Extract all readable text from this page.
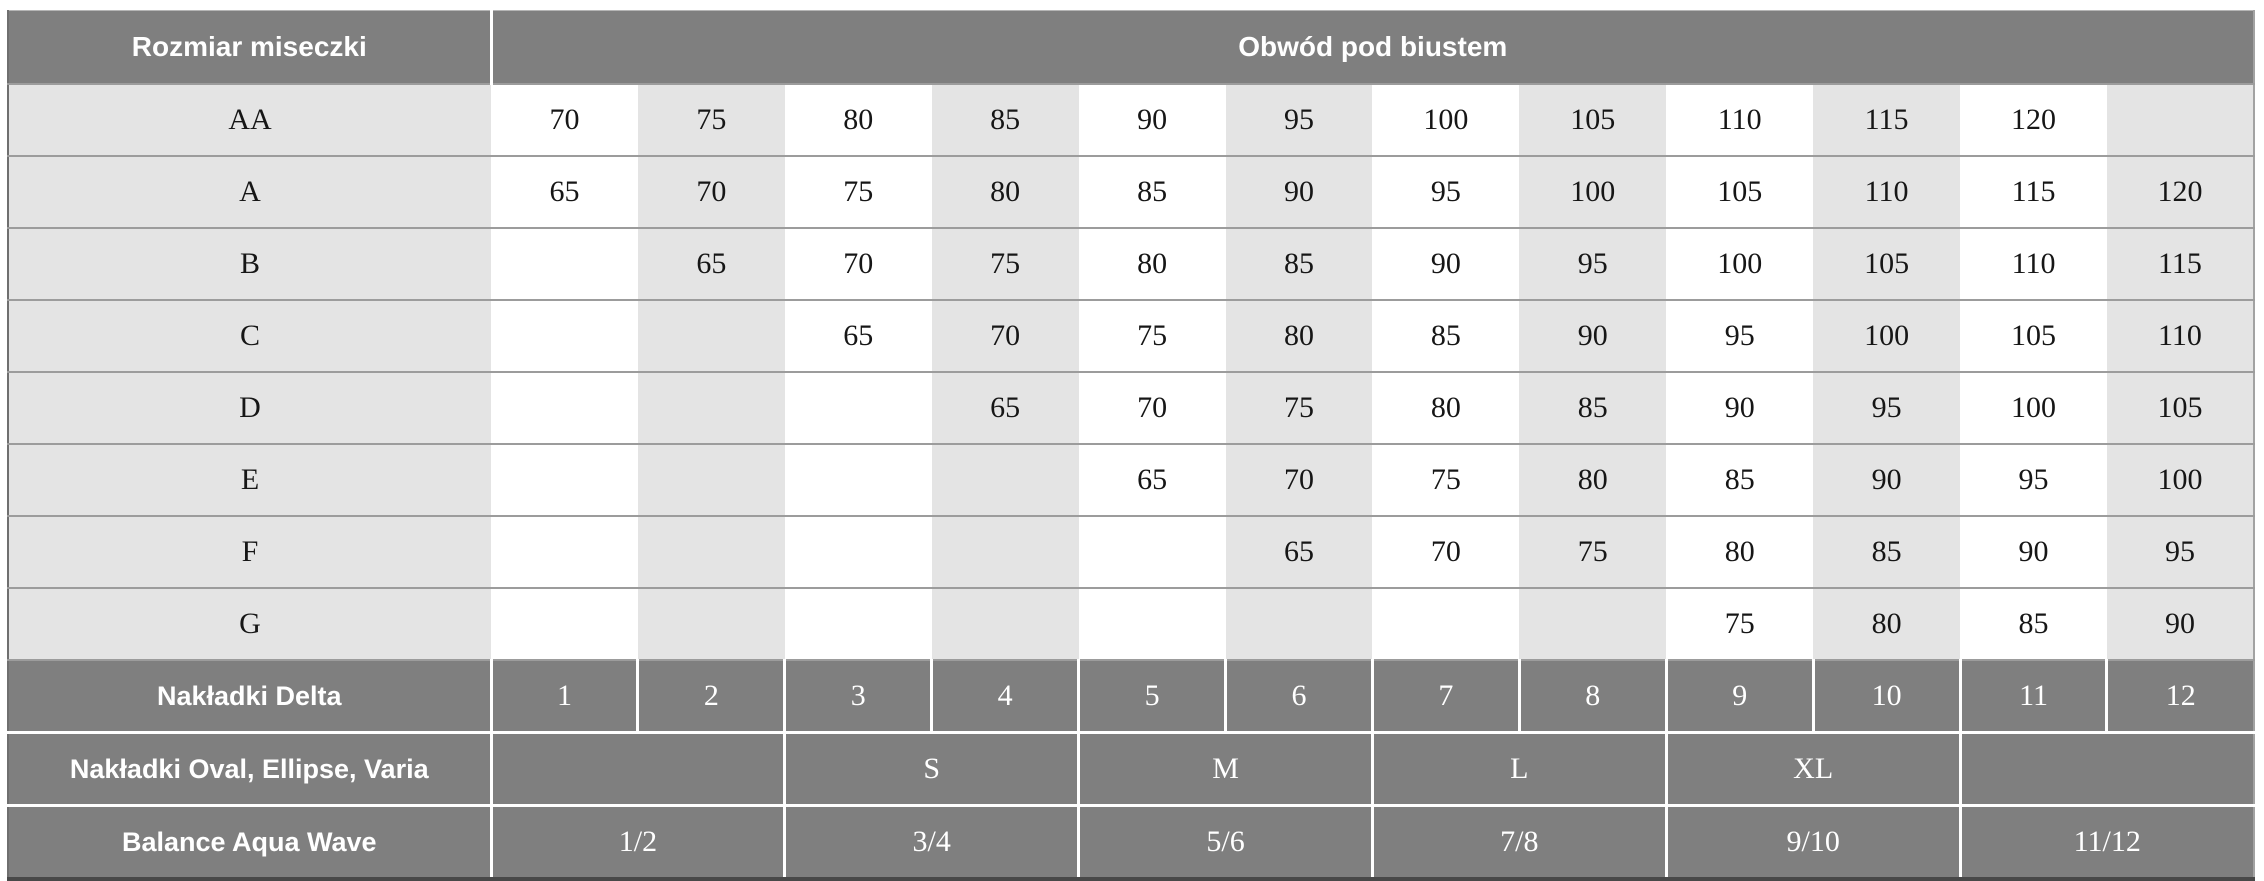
Rozmiar miseczki	Obwód pod biustem											
AA	70	75	80	85	90	95	100	105	110	115	120	
A	65	70	75	80	85	90	95	100	105	110	115	120
B		65	70	75	80	85	90	95	100	105	110	115
C			65	70	75	80	85	90	95	100	105	110
D				65	70	75	80	85	90	95	100	105
E					65	70	75	80	85	90	95	100
F						65	70	75	80	85	90	95
G									75	80	85	90
Nakładki Delta	1	2	3	4	5	6	7	8	9	10	11	12
Nakładki Oval, Ellipse, Varia			S		M		L		XL			
Balance Aqua Wave	1/2		3/4		5/6		7/8		9/10		11/12	
